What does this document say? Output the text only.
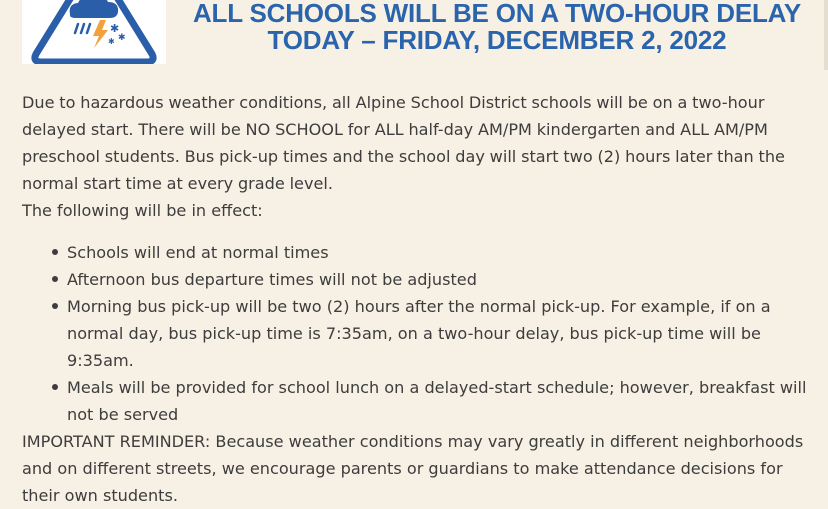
✱
✱
✱
ALL SCHOOLS WILL BE ON A TWO-HOUR DELAY
TODAY – FRIDAY, DECEMBER 2, 2022

Due to hazardous weather conditions, all Alpine School District schools will be on a two-hour
delayed start. There will be NO SCHOOL for ALL half-day AM/PM kindergarten and ALL AM/PM
preschool students. Bus pick-up times and the school day will start two (2) hours later than the
normal start time at every grade level.

The following will be in effect:

Schools will end at normal times
Afternoon bus departure times will not be adjusted
Morning bus pick-up will be two (2) hours after the normal pick-up. For example, if on a
normal day, bus pick-up time is 7:35am, on a two-hour delay, bus pick-up time will be
9:35am.
Meals will be provided for school lunch on a delayed-start schedule; however, breakfast will
not be served

IMPORTANT REMINDER: Because weather conditions may vary greatly in different neighborhoods
and on different streets, we encourage parents or guardians to make attendance decisions for
their own students.
